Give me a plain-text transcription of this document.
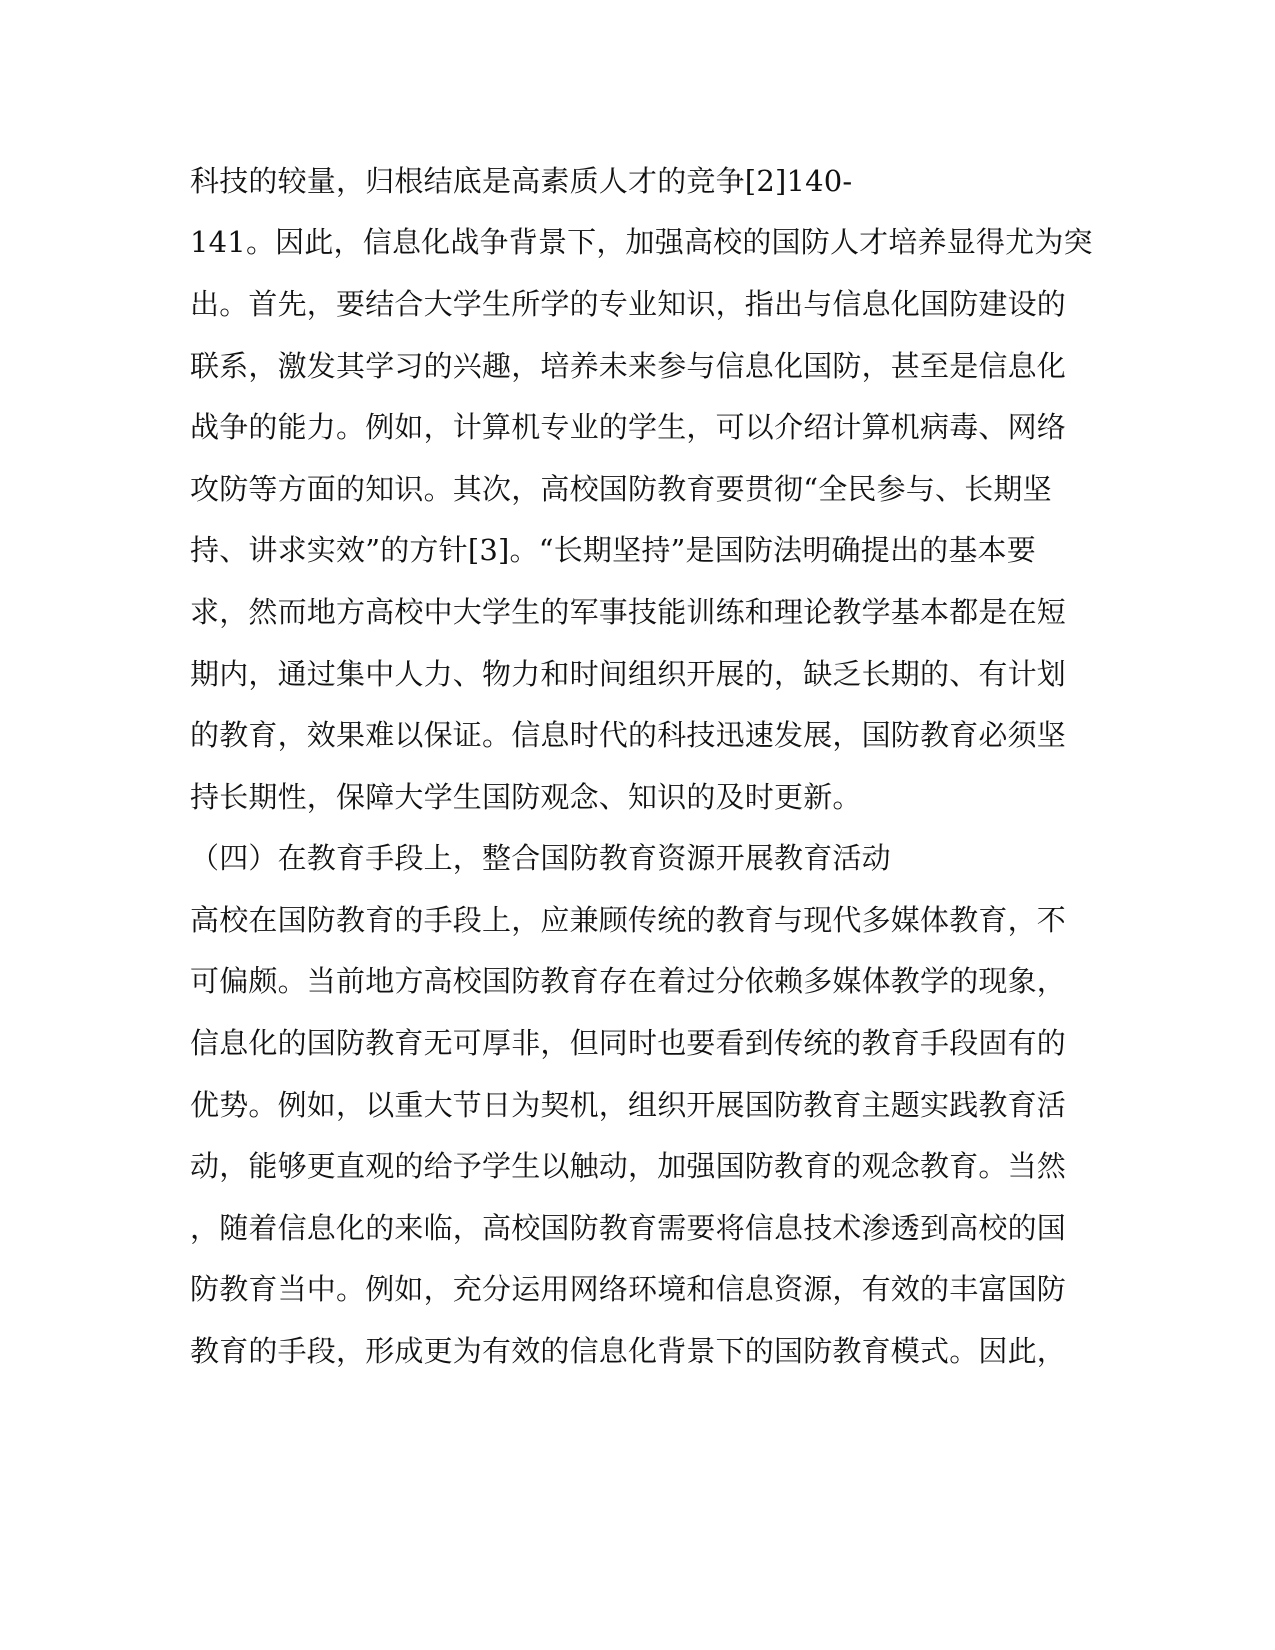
科技的较量，归根结底是高素质人才的竞争[2]140-
141。因此，信息化战争背景下，加强高校的国防人才培养显得尤为突
出。首先，要结合大学生所学的专业知识，指出与信息化国防建设的
联系，激发其学习的兴趣，培养未来参与信息化国防，甚至是信息化
战争的能力。例如，计算机专业的学生，可以介绍计算机病毒、网络
攻防等方面的知识。其次，高校国防教育要贯彻“全民参与、长期坚
持、讲求实效”的方针[3]。“长期坚持”是国防法明确提出的基本要
求，然而地方高校中大学生的军事技能训练和理论教学基本都是在短
期内，通过集中人力、物力和时间组织开展的，缺乏长期的、有计划
的教育，效果难以保证。信息时代的科技迅速发展，国防教育必须坚
持长期性，保障大学生国防观念、知识的及时更新。
（四）在教育手段上，整合国防教育资源开展教育活动
高校在国防教育的手段上，应兼顾传统的教育与现代多媒体教育，不
可偏颇。当前地方高校国防教育存在着过分依赖多媒体教学的现象，
信息化的国防教育无可厚非，但同时也要看到传统的教育手段固有的
优势。例如，以重大节日为契机，组织开展国防教育主题实践教育活
动，能够更直观的给予学生以触动，加强国防教育的观念教育。当然
，随着信息化的来临，高校国防教育需要将信息技术渗透到高校的国
防教育当中。例如，充分运用网络环境和信息资源，有效的丰富国防
教育的手段，形成更为有效的信息化背景下的国防教育模式。因此，
